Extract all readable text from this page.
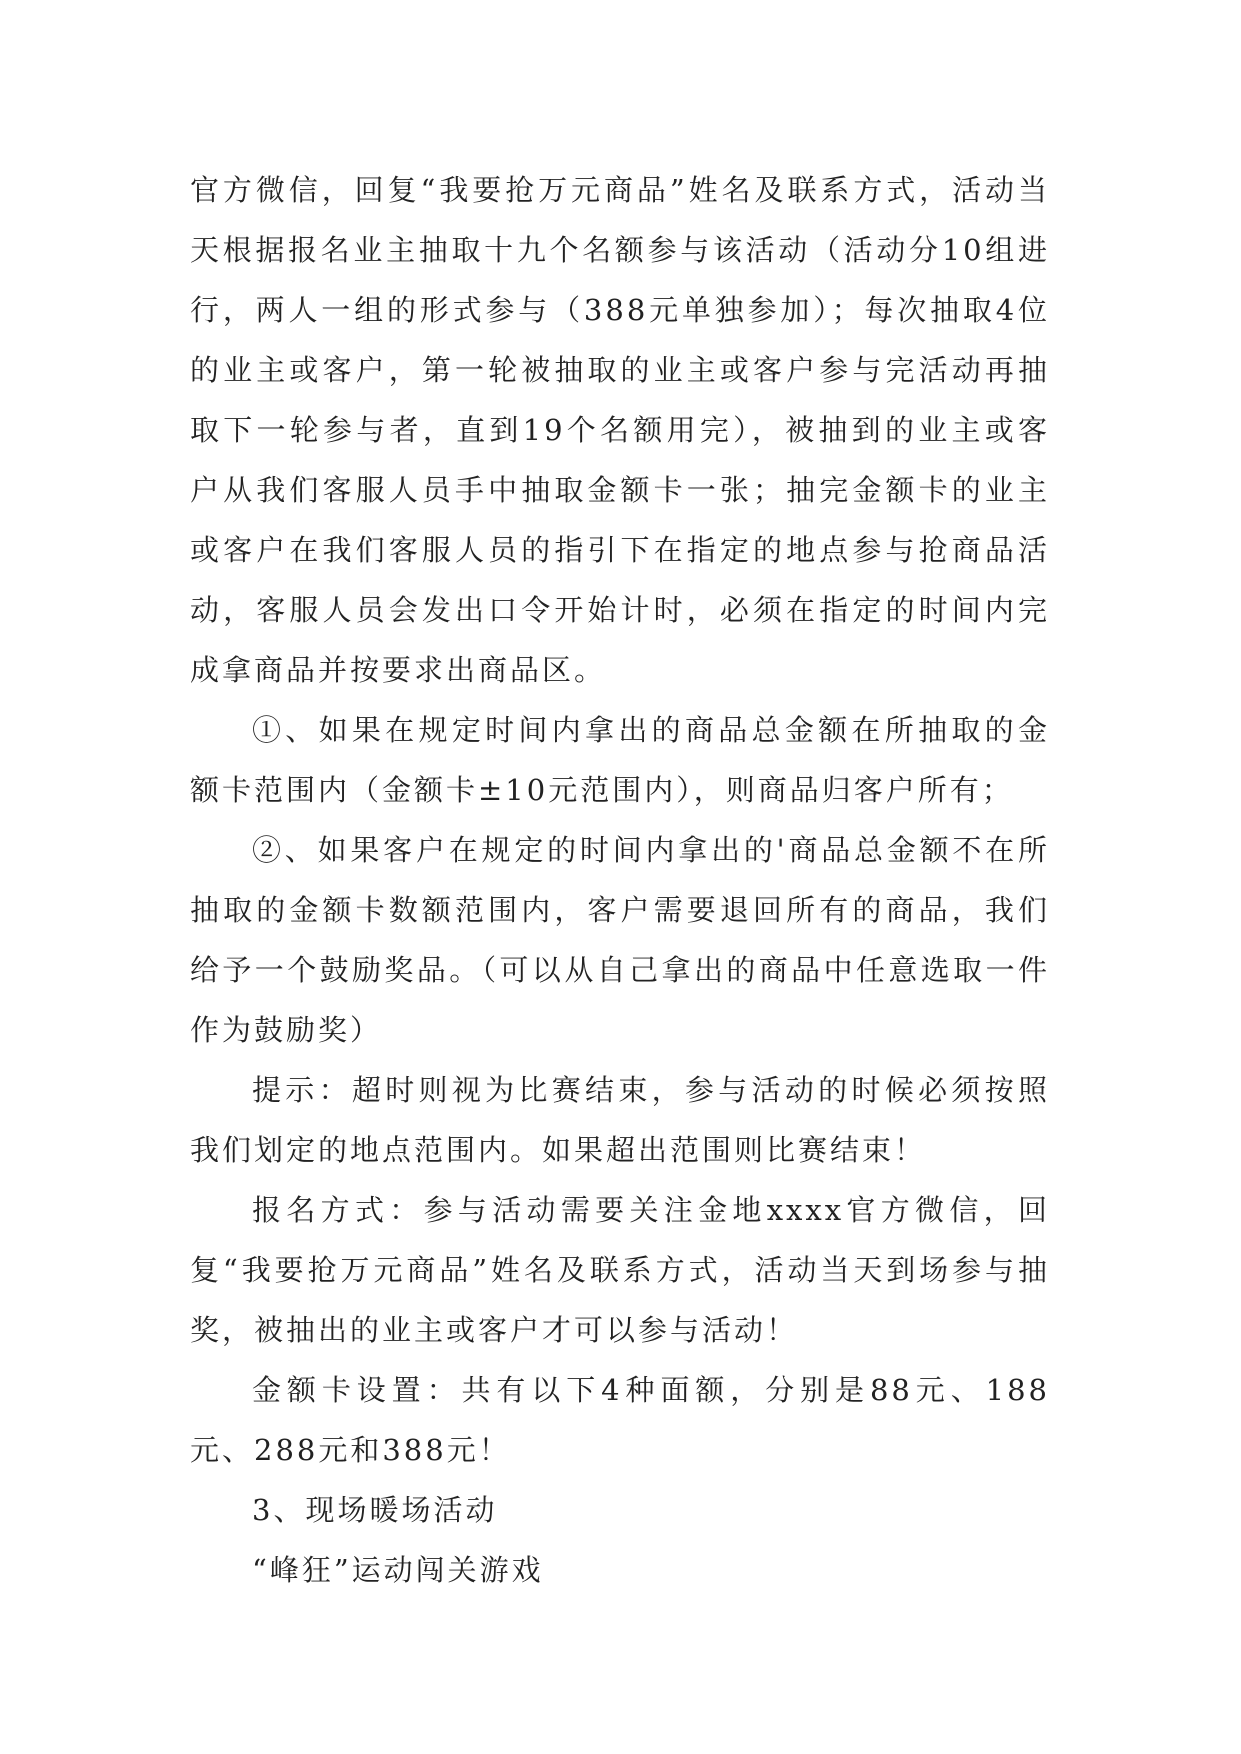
官方微信，回复“我要抢万元商品”姓名及联系方式，活动当天根据报名业主抽取十九个名额参与该活动（活动分10组进行，两人一组的形式参与（388元单独参加）；每次抽取4位的业主或客户，第一轮被抽取的业主或客户参与完活动再抽取下一轮参与者，直到19个名额用完），被抽到的业主或客户从我们客服人员手中抽取金额卡一张；抽完金额卡的业主或客户在我们客服人员的指引下在指定的地点参与抢商品活动，客服人员会发出口令开始计时，必须在指定的时间内完成拿商品并按要求出商品区。

①、如果在规定时间内拿出的商品总金额在所抽取的金额卡范围内（金额卡±10元范围内），则商品归客户所有；

②、如果客户在规定的时间内拿出的'商品总金额不在所抽取的金额卡数额范围内，客户需要退回所有的商品，我们给予一个鼓励奖品。（可以从自己拿出的商品中任意选取一件作为鼓励奖）

提示：超时则视为比赛结束，参与活动的时候必须按照我们划定的地点范围内。如果超出范围则比赛结束！

报名方式：参与活动需要关注金地xxxx官方微信，回复“我要抢万元商品”姓名及联系方式，活动当天到场参与抽奖，被抽出的业主或客户才可以参与活动！

金额卡设置：共有以下4种面额，分别是88元、188元、288元和388元！

3、现场暖场活动

“峰狂”运动闯关游戏
